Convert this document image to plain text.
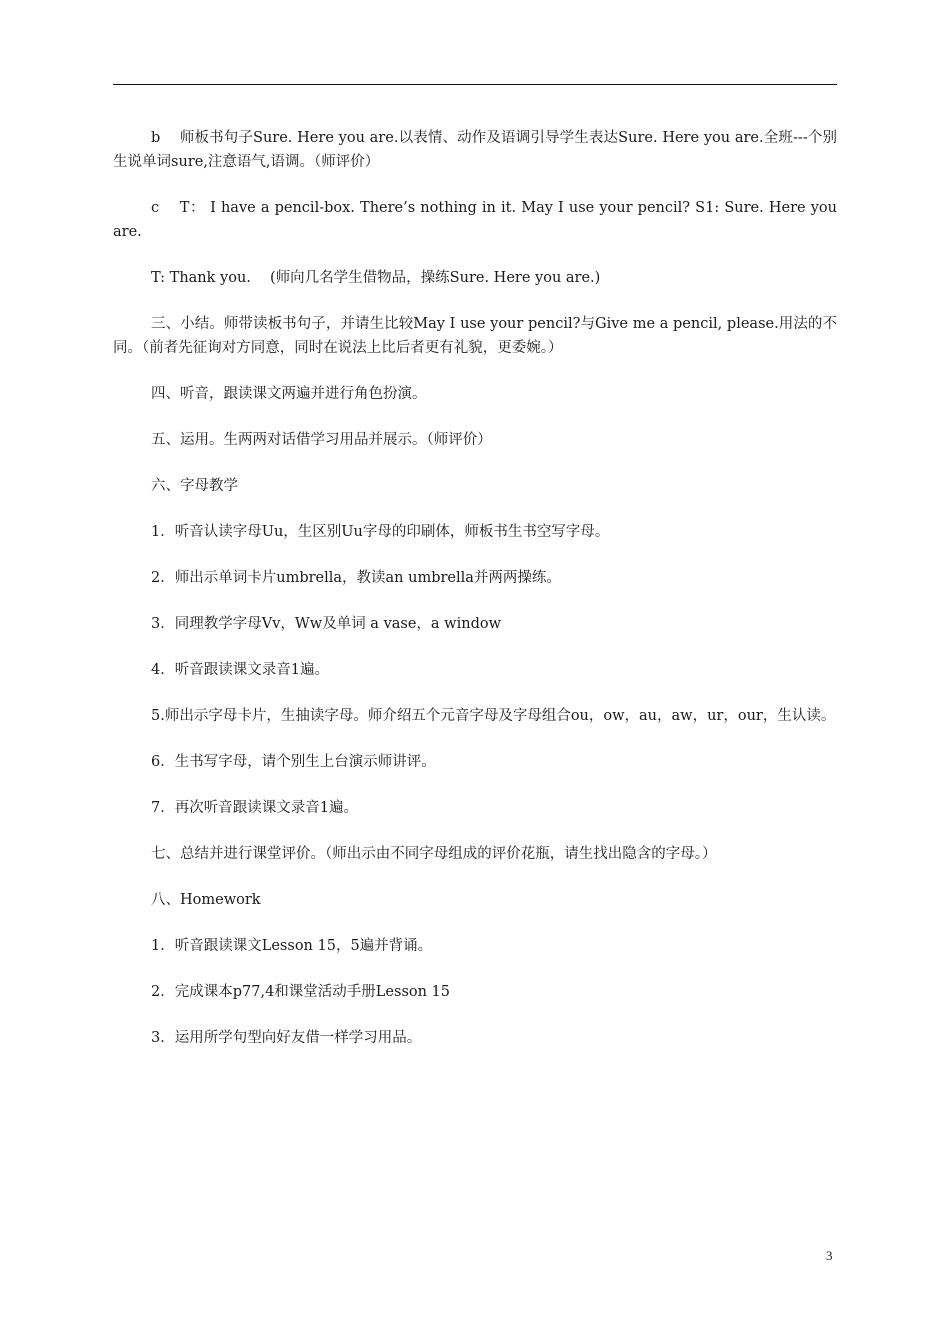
b　 师板书句子Sure. Here you are.以表情、动作及语调引导学生表达Sure. Here you are.全班---个别生说单词sure,注意语气,语调。（师评价）

c　 T： I have a pencil-box. There’s nothing in it. May I use your pencil? S1: Sure. Here you are.

T: Thank you.　 (师向几名学生借物品，操练Sure. Here you are.)

三、小结。师带读板书句子，并请生比较May I use your pencil?与Give me a pencil, please.用法的不同。（前者先征询对方同意，同时在说法上比后者更有礼貌，更委婉。）

四、听音，跟读课文两遍并进行角色扮演。

五、运用。生两两对话借学习用品并展示。（师评价）

六、字母教学

1．听音认读字母Uu，生区别Uu字母的印刷体，师板书生书空写字母。

2．师出示单词卡片umbrella，教读an umbrella并两两操练。

3．同理教学字母Vv，Ww及单词 a vase，a window

4．听音跟读课文录音1遍。

5.师出示字母卡片，生抽读字母。师介绍五个元音字母及字母组合ou，ow，au，aw，ur，our，生认读。

6．生书写字母，请个别生上台演示师讲评。

7．再次听音跟读课文录音1遍。

七、总结并进行课堂评价。（师出示由不同字母组成的评价花瓶，请生找出隐含的字母。）

八、Homework

1．听音跟读课文Lesson 15，5遍并背诵。

2．完成课本p77,4和课堂活动手册Lesson 15

3．运用所学句型向好友借一样学习用品。

3
